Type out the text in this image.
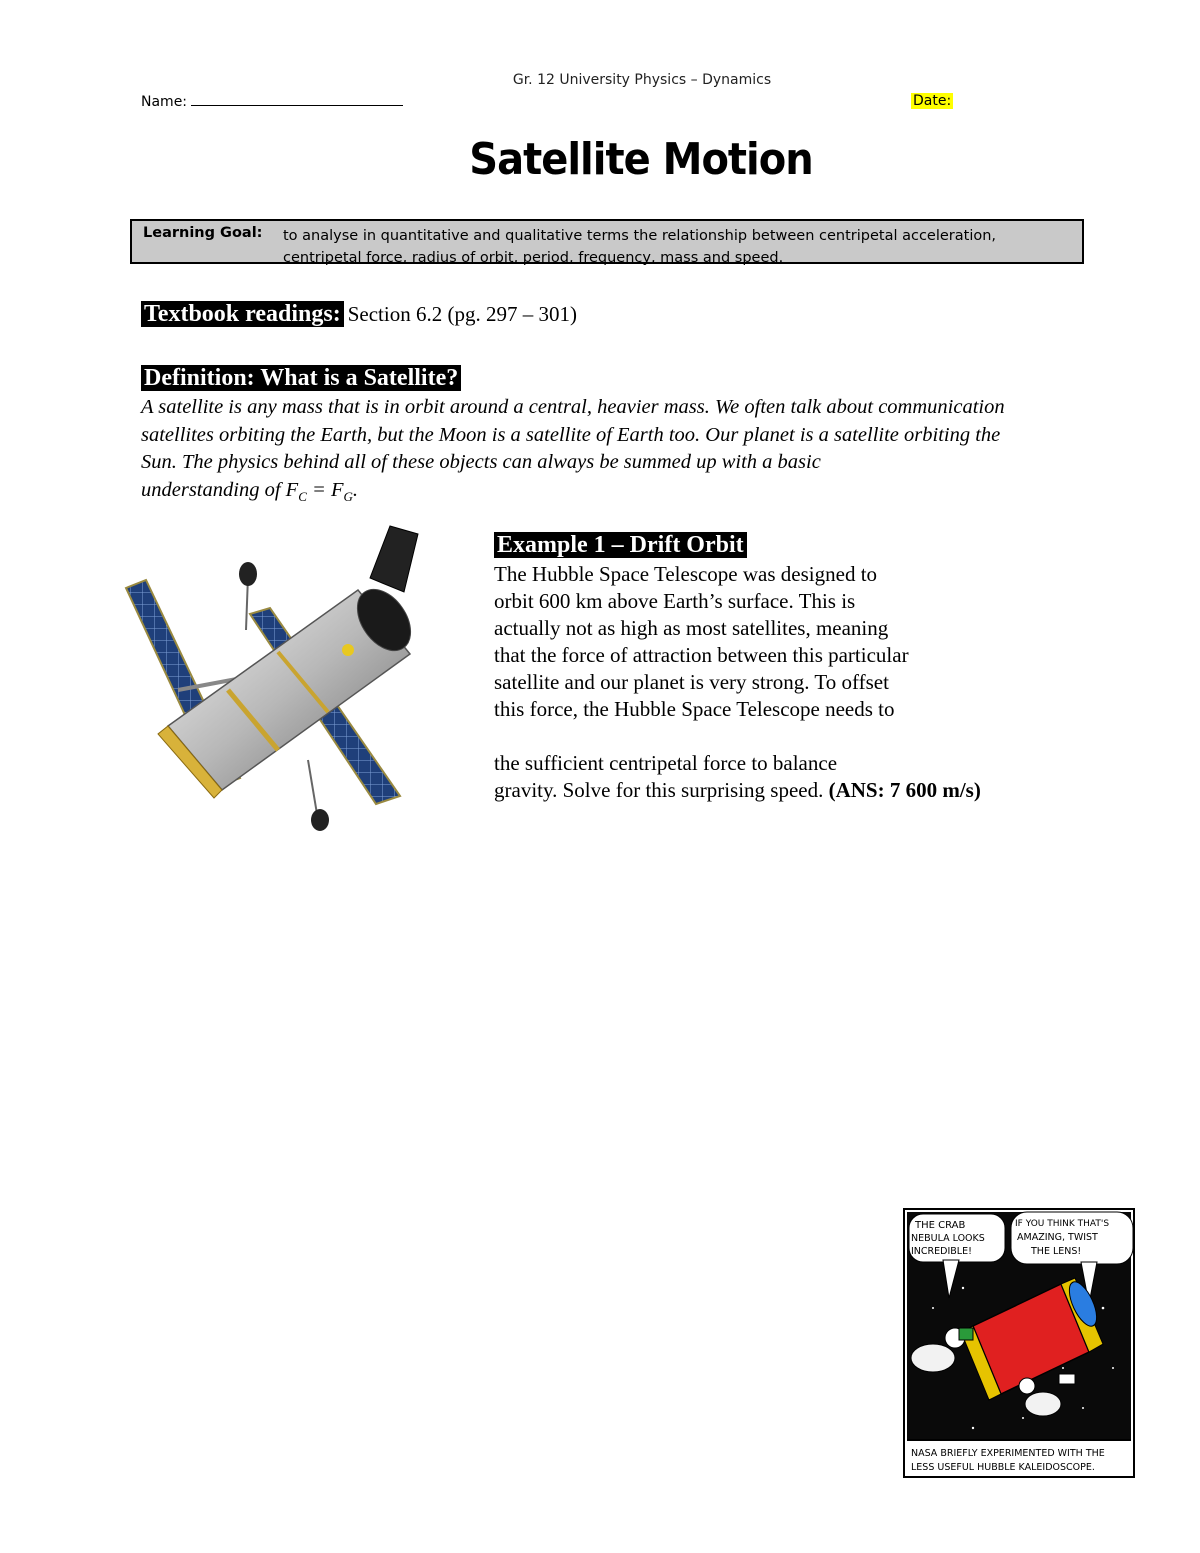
Gr. 12 University Physics – Dynamics
Name:	Date:
Satellite Motion
Learning Goal: to analyse in quantitative and qualitative terms the relationship between centripetal acceleration,
centripetal force, radius of orbit, period, frequency, mass and speed.
Textbook readings: Section 6.2 (pg. 297 – 301)
Definition: What is a Satellite?
A satellite is any mass that is in orbit around a central, heavier mass. We often talk about communication
satellites orbiting the Earth, but the Moon is a satellite of Earth too. Our planet is a satellite orbiting the
Sun. The physics behind all of these objects can always be summed up with a basic
understanding of $F_C = F_G$.
Example 1 – Drift Orbit

The Hubble Space Telescope was designed to

orbit 600 km above Earth’s surface. This is

actually not as high as most satellites, meaning

that the force of attraction between this particular

satellite and our planet is very strong. To offset

this force, the Hubble Space Telescope needs to

the sufficient centripetal force to balance

gravity. Solve for this surprising speed. (ANS: 7 600 m/s)

THE CRAB
NEBULA LOOKS
INCREDIBLE!
IF YOU THINK THAT'S
AMAZING, TWIST
THE LENS!
NASA BRIEFLY EXPERIMENTED WITH THE
LESS USEFUL HUBBLE KALEIDOSCOPE.
